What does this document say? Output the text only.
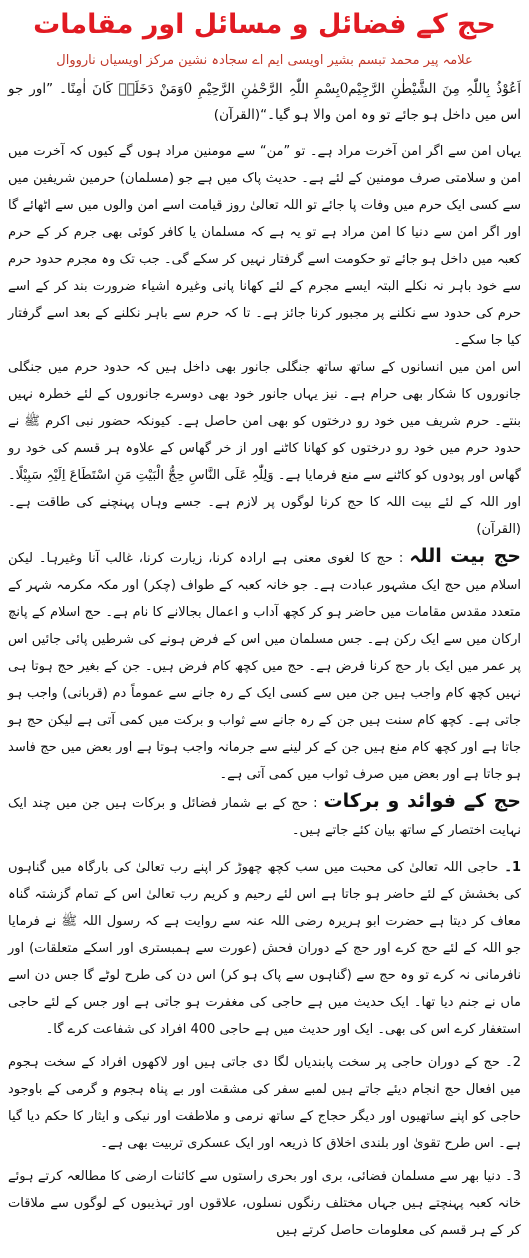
حج کے فضائل و مسائل اور مقامات
علامہ پیر محمد تبسم بشیر اویسی ایم اے سجادہ نشین مرکز اویسیاں نارووال
اَعُوْذُ بِاللّٰہِ مِنَ الشَّیْطٰنِ الرَّجِیْم0بِسْمِ اللّٰہِ الرَّحْمٰنِ الرَّحِیْمِ 0وَمَنْ دَخَلَہٗ کَانَ اٰمِنًا۔ ”اور جو اس میں داخل ہو جائے تو وہ امن والا ہو گیا۔“(القرآن)

یہاں امن سے اگر امن آخرت مراد ہے۔ تو ”من“ سے مومنین مراد ہوں گے کیوں کہ آخرت میں امن و سلامتی صرف مومنین کے لئے ہے۔ حدیث پاک میں ہے جو (مسلمان) حرمین شریفین میں سے کسی ایک حرم میں وفات پا جائے تو اللہ تعالیٰ روز قیامت اسے امن والوں میں سے اٹھائے گا اور اگر امن سے دنیا کا امن مراد ہے تو یہ ہے کہ مسلمان یا کافر کوئی بھی جرم کر کے حرم کعبہ میں داخل ہو جائے تو حکومت اسے گرفتار نہیں کر سکے گی۔ جب تک وہ مجرم حدود حرم سے خود باہر نہ نکلے البتہ ایسے مجرم کے لئے کھانا پانی وغیرہ اشیاء ضرورت بند کر کے اسے حرم کی حدود سے نکلنے پر مجبور کرنا جائز ہے۔ تا کہ حرم سے باہر نکلنے کے بعد اسے گرفتار کیا جا سکے۔

اس امن میں انسانوں کے ساتھ ساتھ جنگلی جانور بھی داخل ہیں کہ حدود حرم میں جنگلی جانوروں کا شکار بھی حرام ہے۔ نیز یہاں جانور خود بھی دوسرے جانوروں کے لئے خطرہ نہیں بنتے۔ حرم شریف میں خود رو درختوں کو بھی امن حاصل ہے۔ کیونکہ حضور نبی اکرم ﷺ نے حدود حرم میں خود رو درختوں کو کھانا کاٹنے اور از خر گھاس کے علاوہ ہر قسم کی خود رو گھاس اور پودوں کو کاٹنے سے منع فرمایا ہے۔ وَلِلّٰہِ عَلَی النَّاسِ حِجُّ الْبَیْتِ مَنِ اسْتَطَاعَ اِلَیْہِ سَبِیْلًا۔ اور اللہ کے لئے بیت اللہ کا حج کرنا لوگوں پر لازم ہے۔ جسے وہاں پہنچنے کی طاقت ہے۔ (القرآن)

حج بیت اللہ: حج کا لغوی معنی ہے ارادہ کرنا، زیارت کرنا، غالب آنا وغیرہا۔ لیکن اسلام میں حج ایک مشہور عبادت ہے۔ جو خانہ کعبہ کے طواف (چکر) اور مکہ مکرمہ شہر کے متعدد مقدس مقامات میں حاضر ہو کر کچھ آداب و اعمال بجالانے کا نام ہے۔ حج اسلام کے پانچ ارکان میں سے ایک رکن ہے۔ جس مسلمان میں اس کے فرض ہونے کی شرطیں پائی جائیں اس پر عمر میں ایک بار حج کرنا فرض ہے۔ حج میں کچھ کام فرض ہیں۔ جن کے بغیر حج ہوتا ہی نہیں کچھ کام واجب ہیں جن میں سے کسی ایک کے رہ جانے سے عموماً دم (قربانی) واجب ہو جاتی ہے۔ کچھ کام سنت ہیں جن کے رہ جانے سے ثواب و برکت میں کمی آتی ہے لیکن حج ہو جاتا ہے اور کچھ کام منع ہیں جن کے کر لینے سے جرمانہ واجب ہوتا ہے اور بعض میں حج فاسد ہو جاتا ہے اور بعض میں صرف ثواب میں کمی آتی ہے۔

حج کے فوائد و برکات: حج کے بے شمار فضائل و برکات ہیں جن میں چند ایک نہایت اختصار کے ساتھ بیان کئے جاتے ہیں۔

1۔حاجی اللہ تعالیٰ کی محبت میں سب کچھ چھوڑ کر اپنے رب تعالیٰ کی بارگاہ میں گناہوں کی بخشش کے لئے حاضر ہو جاتا ہے اس لئے رحیم و کریم رب تعالیٰ اس کے تمام گزشتہ گناہ معاف کر دیتا ہے حضرت ابو ہریرہ رضی اللہ عنہ سے روایت ہے کہ رسول اللہ ﷺ نے فرمایا جو اللہ کے لئے حج کرے اور حج کے دوران فحش (عورت سے ہمبستری اور اسکے متعلقات) اور نافرمانی نہ کرے تو وہ حج سے (گناہوں سے پاک ہو کر) اس دن کی طرح لوٹے گا جس دن اسے ماں نے جنم دیا تھا۔ ایک حدیث میں ہے حاجی کی مغفرت ہو جاتی ہے اور جس کے لئے حاجی استغفار کرے اس کی بھی۔ ایک اور حدیث میں ہے حاجی 400 افراد کی شفاعت کرے گا۔

2۔ حج کے دوران حاجی پر سخت پابندیاں لگا دی جاتی ہیں اور لاکھوں افراد کے سخت ہجوم میں افعال حج انجام دیئے جاتے ہیں لمبے سفر کی مشقت اور بے پناہ ہجوم و گرمی کے باوجود حاجی کو اپنے ساتھیوں اور دیگر حجاج کے ساتھ نرمی و ملاطفت اور نیکی و ایثار کا حکم دیا گیا ہے۔ اس طرح تقویٰ اور بلندی اخلاق کا ذریعہ اور ایک عسکری تربیت بھی ہے۔

3۔ دنیا بھر سے مسلمان فضائی، بری اور بحری راستوں سے کائنات ارضی کا مطالعہ کرتے ہوئے خانہ کعبہ پہنچتے ہیں جہاں مختلف رنگوں نسلوں، علاقوں اور تہذیبوں کے لوگوں سے ملاقات کر کے ہر قسم کی معلومات حاصل کرتے ہیں
